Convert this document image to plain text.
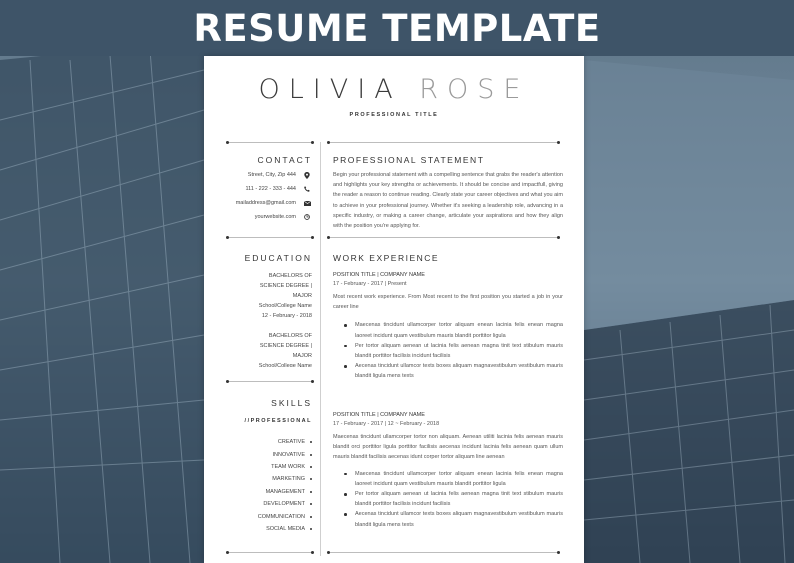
RESUME TEMPLATE
OLIVIA ROSE
PROFESSIONAL TITLE
CONTACT
Street, City, Zip 444
111 - 222 - 333 - 444
mailaddress@gmail.com
yourwebsite.com
EDUCATION
BACHELORS OF
SCIENCE DEGREE |
MAJOR
School/College Name
12 - February - 2018
BACHELORS OF
SCIENCE DEGREE |
MAJOR
School/College Name
SKILLS
//PROFESSIONAL
CREATIVE
INNOVATIVE
TEAM WORK
MARKETING
MANAGEMENT
DEVELOPMENT
COMMUNICATION
SOCIAL MEDIA
PROFESSIONAL STATEMENT
Begin your professional statement with a compelling sentence that grabs the reader's attention and highlights your key strengths or achievements. It should be concise and impactfull, giving the reader a reason to continue reading. Clearly state your career objectives and what you aim to achieve in your professional journey. Whether it's seeking a leadership role, advancing in a specific industry, or making a career change, articulate your aspirations and how they align with the position you're applying for.
WORK EXPERIENCE
POSITION TITLE | COMPANY NAME
17 - February - 2017 | Present
Most recent work experience. From Most recent to the first position you started a job in your career line
Maecenas tincidunt ullamcorper tortor aliquam enean lacinia felis enean magna laoreet incidunt quam vestibulum mauris blandit porttitor ligula
Per tortor aliquam aenean ut lacinia felis aenean magna tinit text stibulum mauris blandit porttitor facilisis incidunt facilisis
Aecenas tincidunt ullamcor texts boxes aliquam magnavestibulum vestibulum mauris blandit ligula mens texts
POSITION TITLE | COMPANY NAME
17 - February - 2017 | 12 ~ February - 2018
Maecenas tincidunt ullamcorper tortor non aliquam. Aenean utiliti lacinia felis aenean mauris blandit orci porttitor ligula porttitor facilisis aecenas incidunt lacinia felis aenean quam ullum mauris blandit facilisis aecenas idunt corper tortor aliquam line aenean
Maecenas tincidunt ullamcorper tortor aliquam enean lacinia felis enean magna laoreet incidunt quam vestibulum mauris blandit porttitor ligula
Per tortor aliquam aenean ut lacinia felis aenean magna tinit text stibulum mauris blandit porttitor facilisis incidunt facilisis
Aecenas tincidunt ullamcor texts boxes aliquam magnavestibulum vestibulum mauris blandit ligula mens texts
